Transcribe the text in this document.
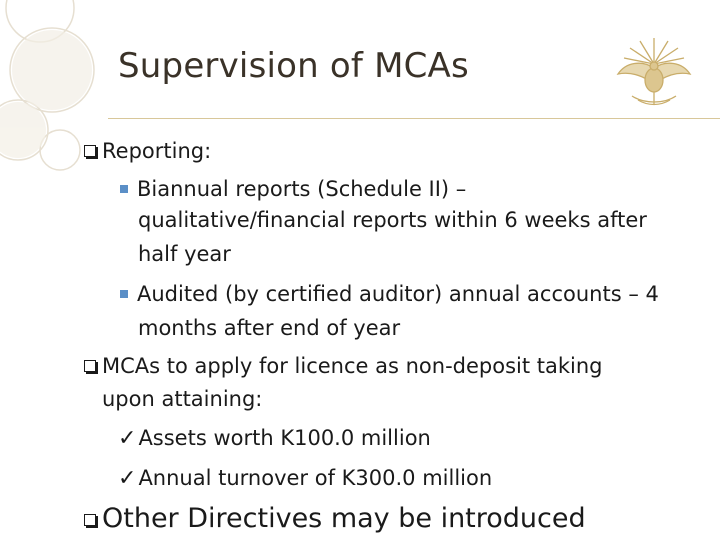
Supervision of MCAs
Reporting:
Biannual reports (Schedule II) –
qualitative/financial reports within 6 weeks after
half year
Audited (by certified auditor) annual accounts – 4
months after end of year
MCAs to apply for licence as non-deposit taking
upon attaining:
✓Assets worth K100.0 million
✓Annual turnover of K300.0 million
Other Directives may be introduced
